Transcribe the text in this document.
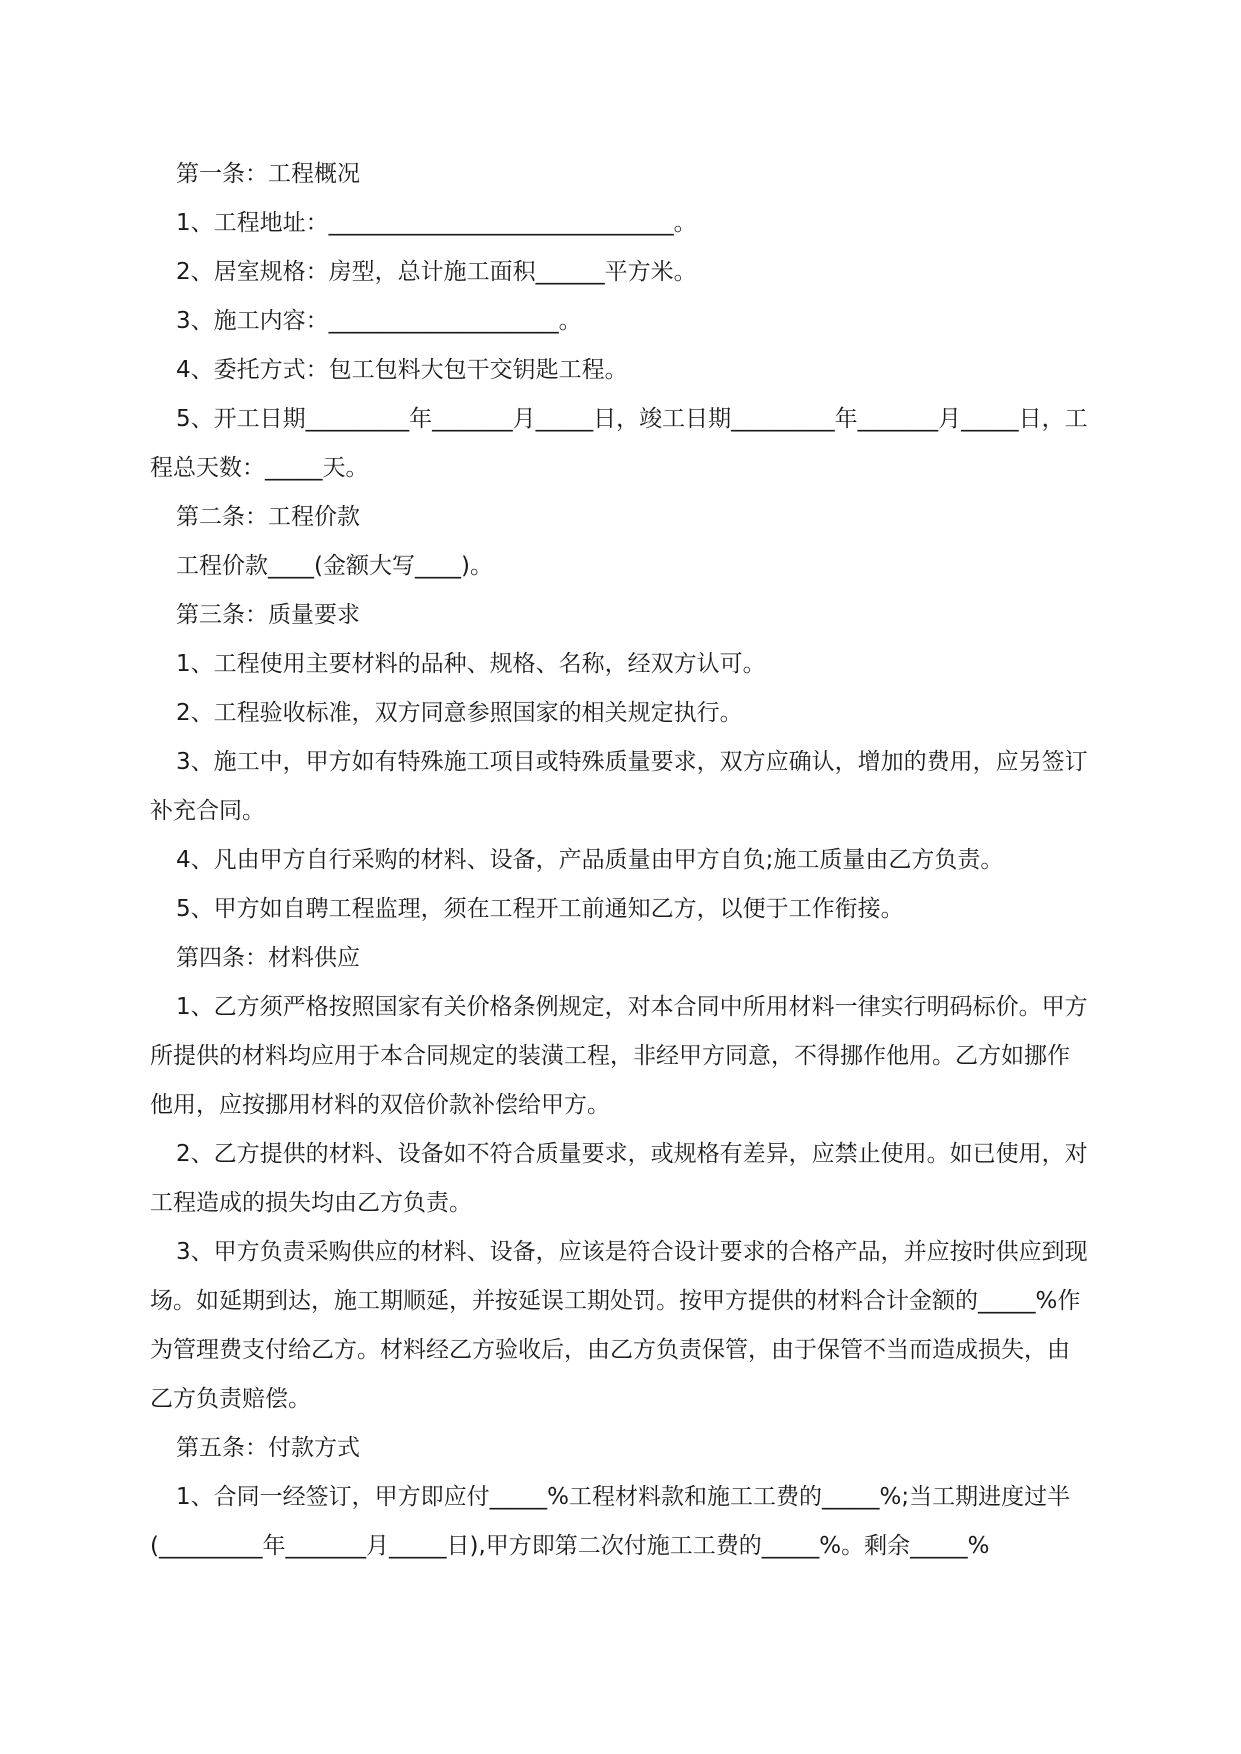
第一条：工程概况

1、工程地址：______________________________。

2、居室规格：房型，总计施工面积______平方米。

3、施工内容：____________________。

4、委托方式：包工包料大包干交钥匙工程。

5、开工日期_________年_______月_____日，竣工日期_________年_______月_____日，工程总天数：_____天。

第二条：工程价款

工程价款____(金额大写____)。

第三条：质量要求

1、工程使用主要材料的品种、规格、名称，经双方认可。

2、工程验收标准，双方同意参照国家的相关规定执行。

3、施工中，甲方如有特殊施工项目或特殊质量要求，双方应确认，增加的费用，应另签订补充合同。

4、凡由甲方自行采购的材料、设备，产品质量由甲方自负;施工质量由乙方负责。

5、甲方如自聘工程监理，须在工程开工前通知乙方，以便于工作衔接。

第四条：材料供应

1、乙方须严格按照国家有关价格条例规定，对本合同中所用材料一律实行明码标价。甲方所提供的材料均应用于本合同规定的装潢工程，非经甲方同意，不得挪作他用。乙方如挪作他用，应按挪用材料的双倍价款补偿给甲方。

2、乙方提供的材料、设备如不符合质量要求，或规格有差异，应禁止使用。如已使用，对工程造成的损失均由乙方负责。

3、甲方负责采购供应的材料、设备，应该是符合设计要求的合格产品，并应按时供应到现场。如延期到达，施工期顺延，并按延误工期处罚。按甲方提供的材料合计金额的_____%作为管理费支付给乙方。材料经乙方验收后，由乙方负责保管，由于保管不当而造成损失，由乙方负责赔偿。

第五条：付款方式

1、合同一经签订，甲方即应付_____%工程材料款和施工工费的_____%;当工期进度过半(_________年_______月_____日),甲方即第二次付施工工费的_____%。剩余_____%
